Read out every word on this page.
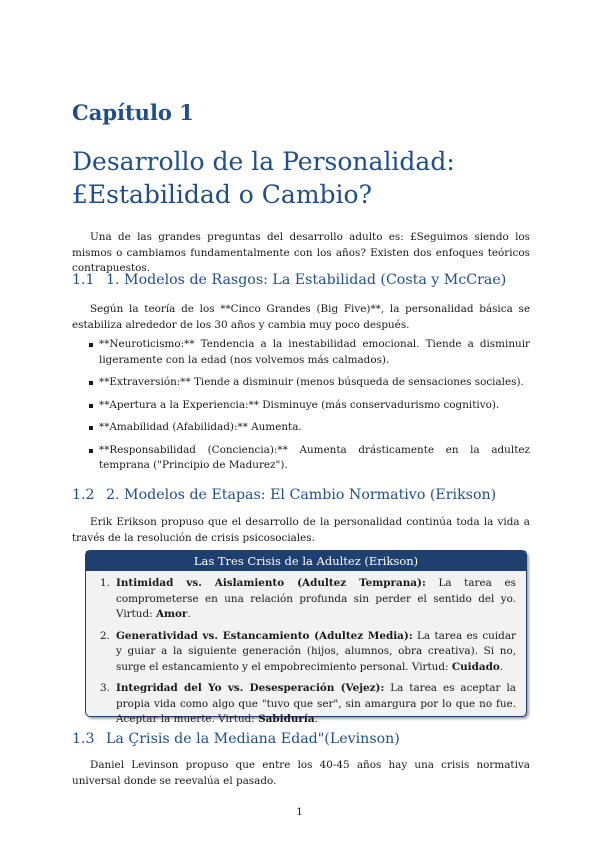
Capítulo 1
Desarrollo de la Personalidad: £Estabilidad o Cambio?
Una de las grandes preguntas del desarrollo adulto es: £Seguimos siendo los mismos o cambiamos fundamentalmente con los años? Existen dos enfoques teóricos contrapuestos.
1.1 1. Modelos de Rasgos: La Estabilidad (Costa y McCrae)
Según la teoría de los **Cinco Grandes (Big Five)**, la personalidad básica se estabiliza alrededor de los 30 años y cambia muy poco después.
**Neuroticismo:** Tendencia a la inestabilidad emocional. Tiende a disminuir ligeramente con la edad (nos volvemos más calmados).
**Extraversión:** Tiende a disminuir (menos búsqueda de sensaciones sociales).
**Apertura a la Experiencia:** Disminuye (más conservadurismo cognitivo).
**Amabilidad (Afabilidad):** Aumenta.
**Responsabilidad (Conciencia):** Aumenta drásticamente en la adultez temprana ("Principio de Madurez").
1.2 2. Modelos de Etapas: El Cambio Normativo (Erikson)
Erik Erikson propuso que el desarrollo de la personalidad continúa toda la vida a través de la resolución de crisis psicosociales.
Las Tres Crisis de la Adultez (Erikson)
1. Intimidad vs. Aislamiento (Adultez Temprana): La tarea es comprometerse en una relación profunda sin perder el sentido del yo. Virtud: Amor.
2. Generatividad vs. Estancamiento (Adultez Media): La tarea es cuidar y guiar a la siguiente generación (hijos, alumnos, obra creativa). Si no, surge el estancamiento y el empobrecimiento personal. Virtud: Cuidado.
3. Integridad del Yo vs. Desesperación (Vejez): La tarea es aceptar la propia vida como algo que "tuvo que ser", sin amargura por lo que no fue. Aceptar la muerte. Virtud: Sabiduría.
1.3 La Çrisis de la Mediana Edad"(Levinson)
Daniel Levinson propuso que entre los 40-45 años hay una crisis normativa universal donde se reevalúa el pasado.
1
